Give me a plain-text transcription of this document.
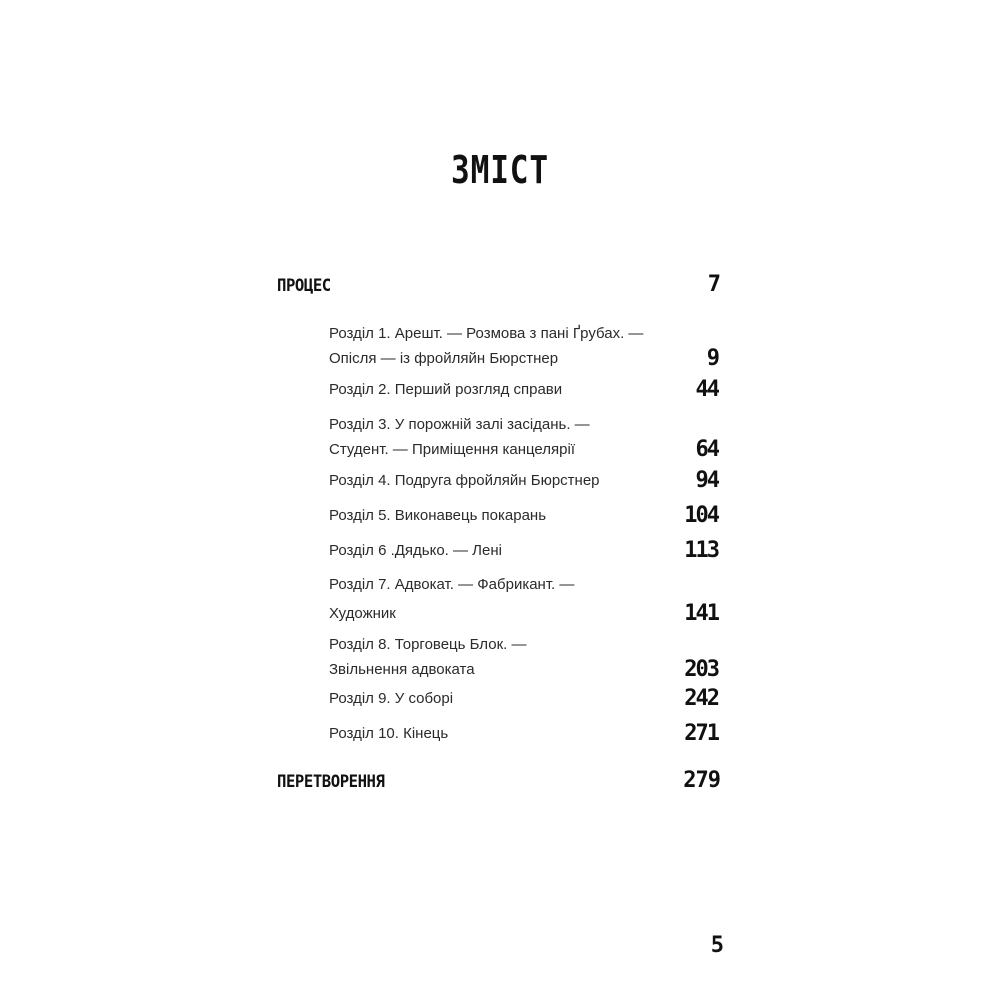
ЗМІСТ
ПРОЦЕС	7
Розділ 1. Арешт. — Розмова з пані Ґрубах. —
Опісля — із фройляйн Бюрстнер	9
Розділ 2. Перший розгляд справи	44
Розділ 3. У порожній залі засідань. —
Студент. — Приміщення канцелярії	64
Розділ 4. Подруга фройляйн Бюрстнер	94
Розділ 5. Виконавець покарань	104
Розділ 6 .Дядько. — Лені	113
Розділ 7. Адвокат. — Фабрикант. —
Художник	141
Розділ 8. Торговець Блок. —
Звільнення адвоката	203
Розділ 9. У соборі	242
Розділ 10. Кінець	271
ПЕРЕТВОРЕННЯ	279
5
